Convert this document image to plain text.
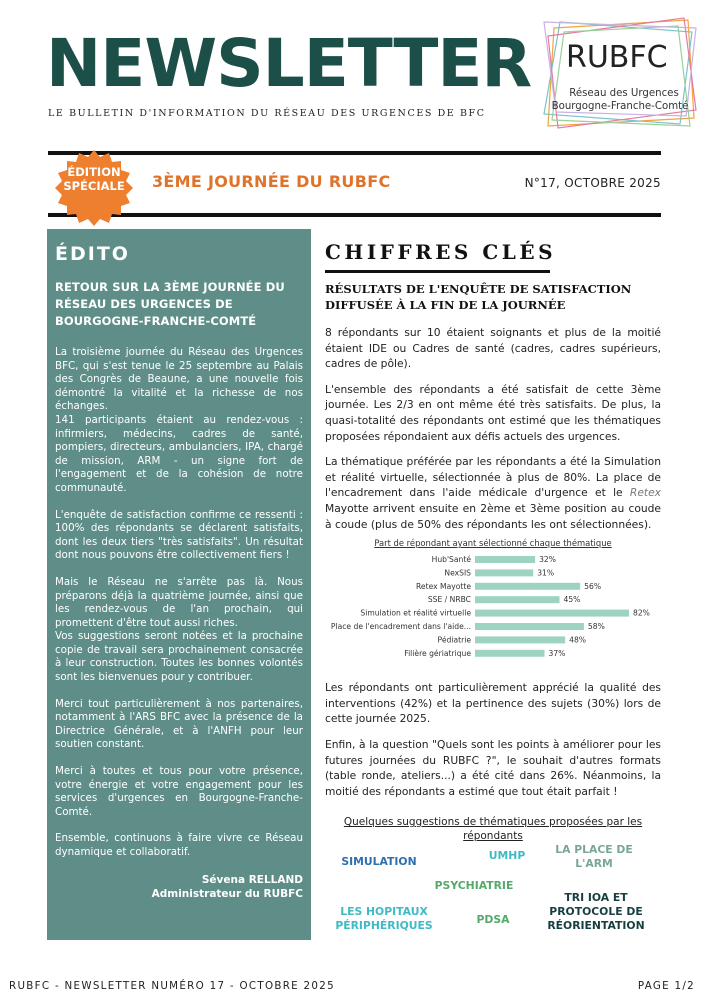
NEWSLETTER
LE BULLETIN D'INFORMATION DU RÉSEAU DES URGENCES DE BFC
RUBFC
Réseau des Urgences
Bourgogne-Franche-Comté
ÉDITION
SPÉCIALE	3ÈME JOURNÉE DU RUBFC	N°17, OCTOBRE 2025
ÉDITO
RETOUR SUR LA 3ÈME JOURNÉE DU RÉSEAU DES URGENCES DE BOURGOGNE-FRANCHE-COMTÉ

La troisième journée du Réseau des Urgences BFC, qui s'est tenue le 25 septembre au Palais des Congrès de Beaune, a une nouvelle fois démontré la vitalité et la richesse de nos échanges.

141 participants étaient au rendez-vous : infirmiers, médecins, cadres de santé, pompiers, directeurs, ambulanciers, IPA, chargé de mission, ARM - un signe fort de l'engagement et de la cohésion de notre communauté.

L'enquête de satisfaction confirme ce ressenti : 100% des répondants se déclarent satisfaits, dont les deux tiers "très satisfaits". Un résultat dont nous pouvons être collectivement fiers !

Mais le Réseau ne s'arrête pas là. Nous préparons déjà la quatrième journée, ainsi que les rendez-vous de l'an prochain, qui promettent d'être tout aussi riches.

Vos suggestions seront notées et la prochaine copie de travail sera prochainement consacrée à leur construction. Toutes les bonnes volontés sont les bienvenues pour y contribuer.

Merci tout particulièrement à nos partenaires, notamment à l'ARS BFC avec la présence de la Directrice Générale, et à l'ANFH pour leur soutien constant.

Merci à toutes et tous pour votre présence, votre énergie et votre engagement pour les services d'urgences en Bourgogne-Franche-Comté.

Ensemble, continuons à faire vivre ce Réseau dynamique et collaboratif.

Sévena RELLAND
Administrateur du RUBFC
CHIFFRES CLÉS
RÉSULTATS DE L'ENQUÊTE DE SATISFACTION DIFFUSÉE À LA FIN DE LA JOURNÉE

8 répondants sur 10 étaient soignants et plus de la moitié étaient IDE ou Cadres de santé (cadres, cadres supérieurs, cadres de pôle).

L'ensemble des répondants a été satisfait de cette 3ème journée. Les 2/3 en ont même été très satisfaits. De plus, la quasi-totalité des répondants ont estimé que les thématiques proposées répondaient aux défis actuels des urgences.

La thématique préférée par les répondants a été la Simulation et réalité virtuelle, sélectionnée à plus de 80%. La place de l'encadrement dans l'aide médicale d'urgence et le Retex Mayotte arrivent ensuite en 2ème et 3ème position au coude à coude (plus de 50% des répondants les ont sélectionnées).

Part de répondant ayant sélectionné chaque thématique
Hub'Santé	32%
NexSIS	31%
Retex Mayotte	56%
SSE / NRBC	45%
Simulation et réalité virtuelle	82%
Place de l'encadrement dans l'aide...	58%
Pédiatrie	48%
Filière gériatrique	37%

Les répondants ont particulièrement apprécié la qualité des interventions (42%) et la pertinence des sujets (30%) lors de cette journée 2025.

Enfin, à la question "Quels sont les points à améliorer pour les futures journées du RUBFC ?", le souhait d'autres formats (table ronde, ateliers...) a été cité dans 26%. Néanmoins, la moitié des répondants a estimé que tout était parfait !

Quelques suggestions de thématiques proposées par les répondants
SIMULATION	UMHP	LA PLACE DE L'ARM
PSYCHIATRIE
LES HOPITAUX PÉRIPHÉRIQUES	PDSA
TRI IOA ET PROTOCOLE DE RÉORIENTATION
RUBFC - NEWSLETTER NUMÉRO 17 - OCTOBRE 2025	PAGE 1/2
